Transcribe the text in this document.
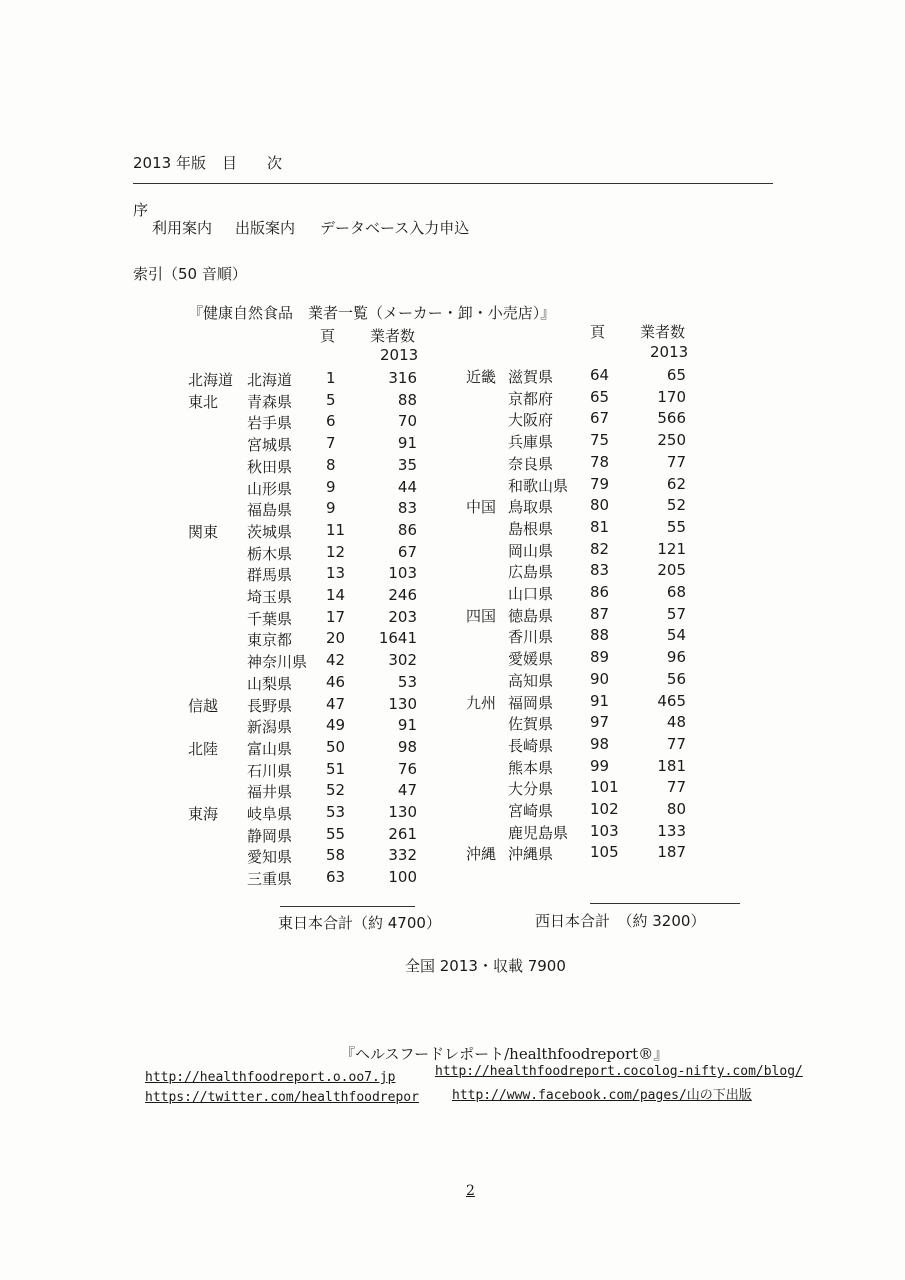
2013 年版 目　　次
序
利用案内 出版案内 データベース入力申込
索引（50 音順）
『健康自然食品　業者一覧（メーカー・卸・小売店）』
頁 業者数
2013
頁 業者数
2013
北海道 北海道 1	316
東北 青森県 5	88
岩手県 6	70
宮城県 7	91
秋田県 8	35
山形県 9	44
福島県 9	83
関東 茨城県 11	86
栃木県 12	67
群馬県 13	103
埼玉県 14	246
千葉県 17	203
東京都 20	1641
神奈川県 42	302
山梨県 46	53
信越 長野県 47	130
新潟県 49	91
北陸 富山県 50	98
石川県 51	76
福井県 52	47
東海 岐阜県 53	130
静岡県 55	261
愛知県 58	332
三重県 63	100
近畿 滋賀県 64	65
京都府 65	170
大阪府 67	566
兵庫県 75	250
奈良県 78	77
和歌山県 79	62
中国 鳥取県 80	52
島根県 81	55
岡山県 82	121
広島県 83	205
山口県 86	68
四国 徳島県 87	57
香川県 88	54
愛媛県 89	96
高知県 90	56
九州 福岡県 91	465
佐賀県 97	48
長崎県 98	77
熊本県 99	181
大分県 101	77
宮崎県 102	80
鹿児島県 103	133
沖縄 沖縄県 105	187
東日本合計（約 4700）	西日本合計　（約 3200）
全国 2013・収載 7900
『ヘルスフードレポート/healthfoodreport®』
http://healthfoodreport.o.oo7.jp
https://twitter.com/healthfoodrepor
http://healthfoodreport.cocolog-nifty.com/blog/
http://www.facebook.com/pages/山の下出版
2
